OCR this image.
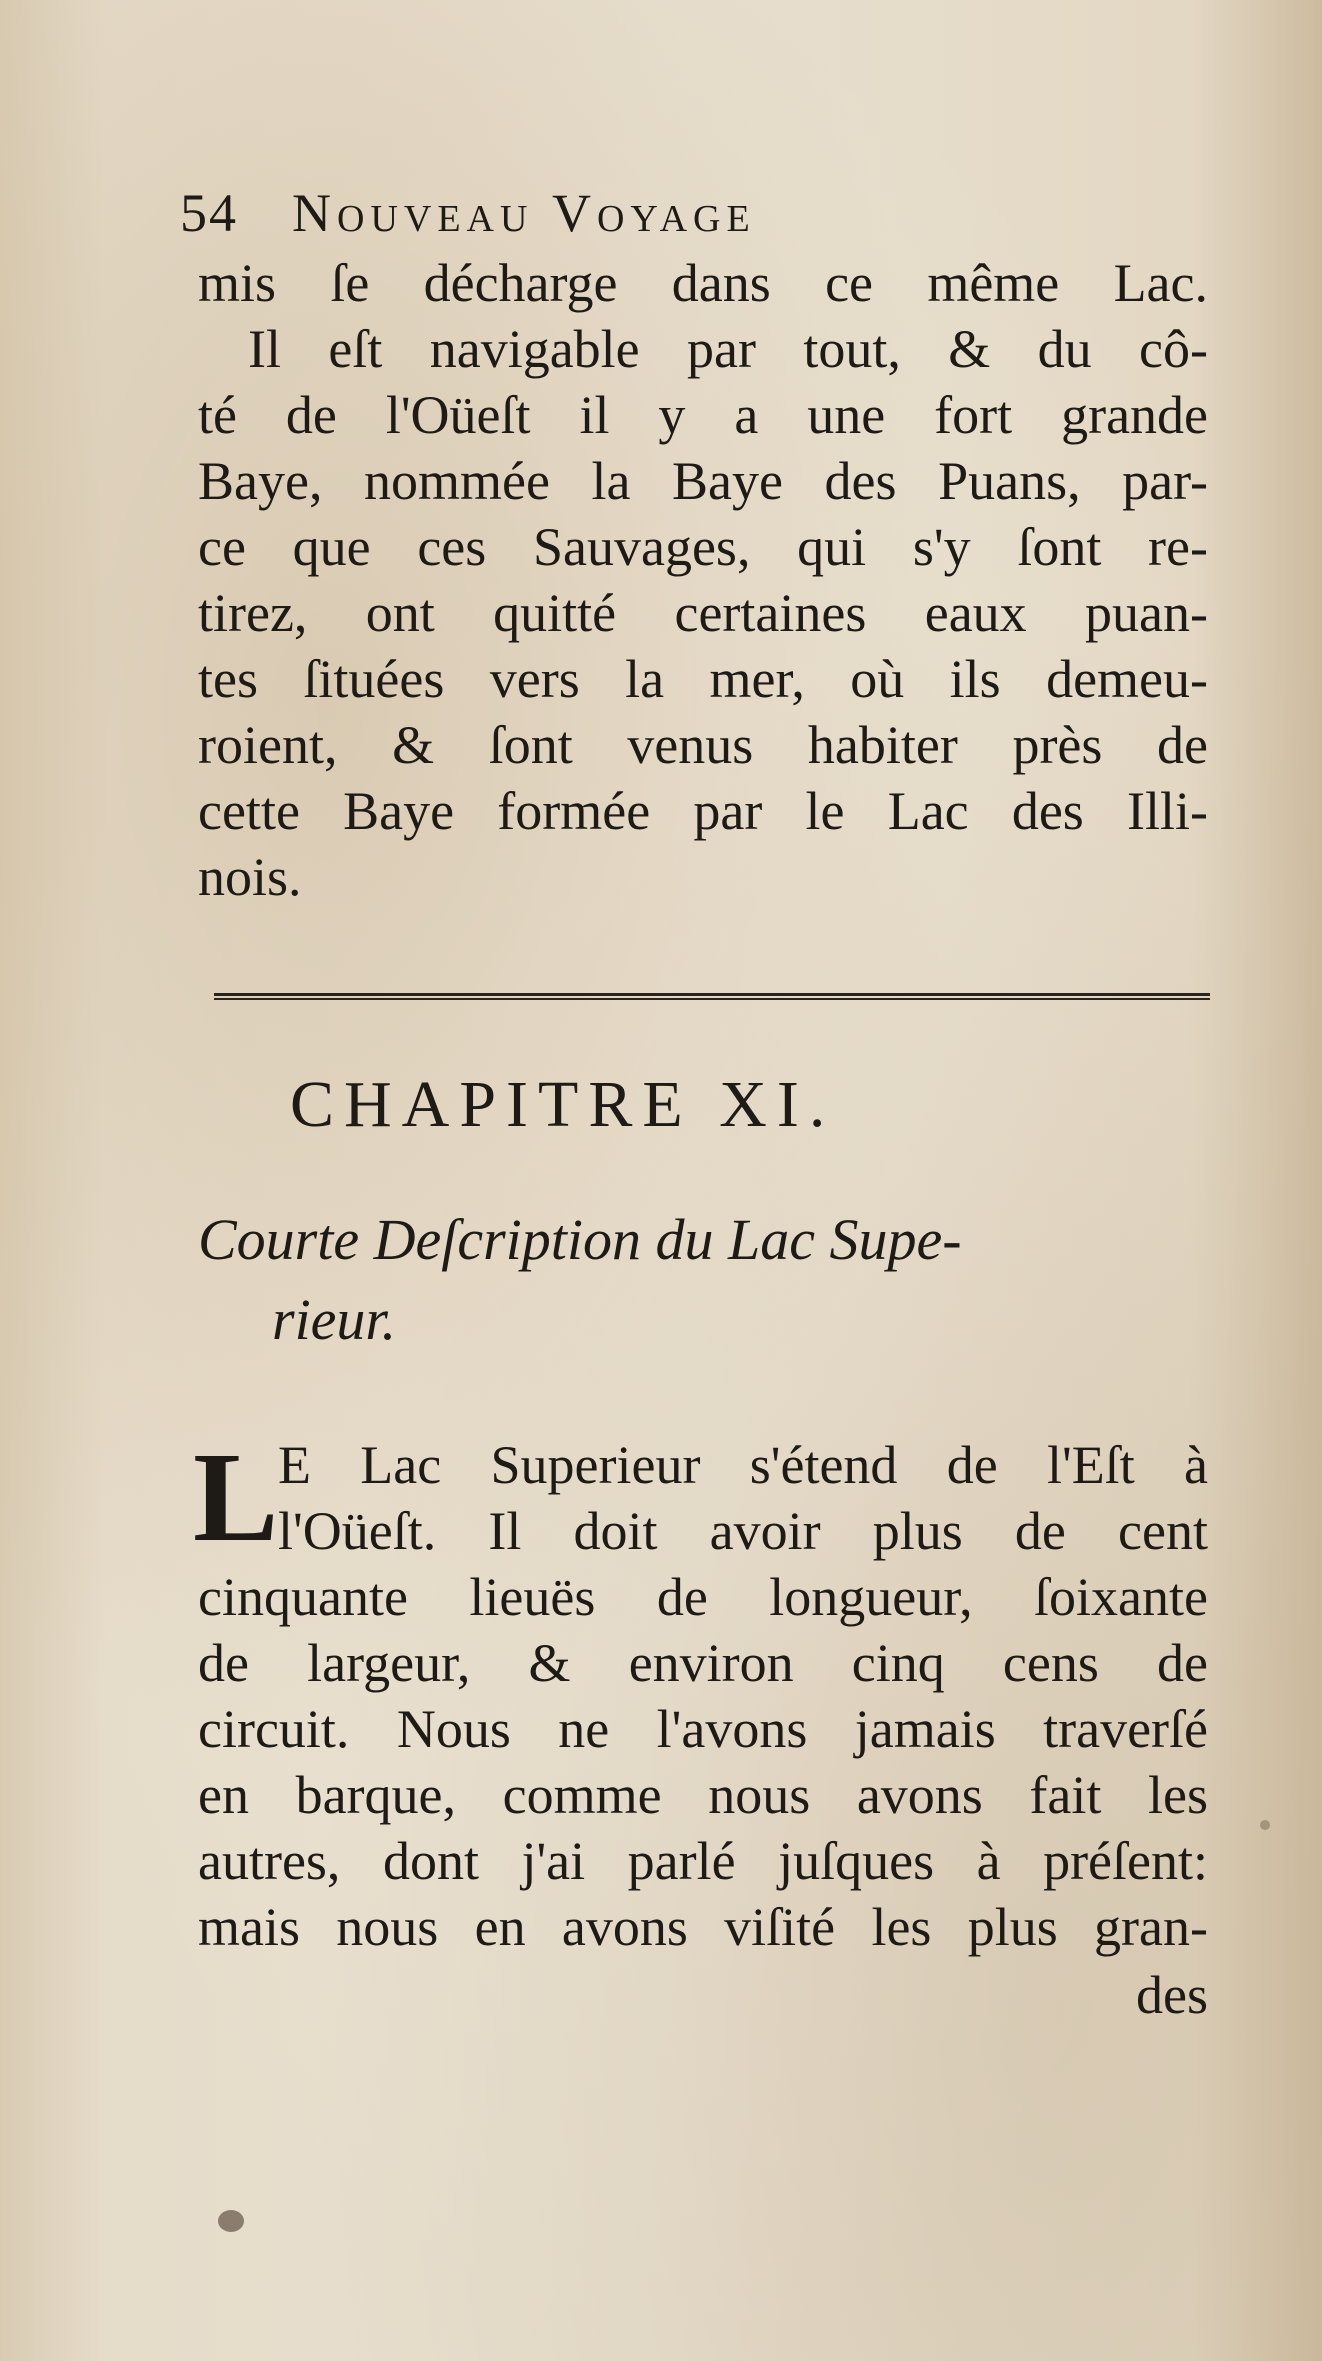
54 Nouveau Voyage
mis ſe décharge dans ce même Lac.
Il eſt navigable par tout, & du cô-
té de l'Oüeſt il y a une fort grande
Baye, nommée la Baye des Puans, par-
ce que ces Sauvages, qui s'y ſont re-
tirez, ont quitté certaines eaux puan-
tes ſituées vers la mer, où ils demeu-
roient, & ſont venus habiter près de
cette Baye formée par le Lac des Illi-
nois.
CHAPITRE XI.
Courte Deſcription du Lac Supe-
rieur.
L E Lac Superieur s'étend de l'Eſt à
l'Oüeſt. Il doit avoir plus de cent
cinquante lieuës de longueur, ſoixante
de largeur, & environ cinq cens de
circuit. Nous ne l'avons jamais traverſé
en barque, comme nous avons fait les
autres, dont j'ai parlé juſques à préſent:
mais nous en avons viſité les plus gran-
des
